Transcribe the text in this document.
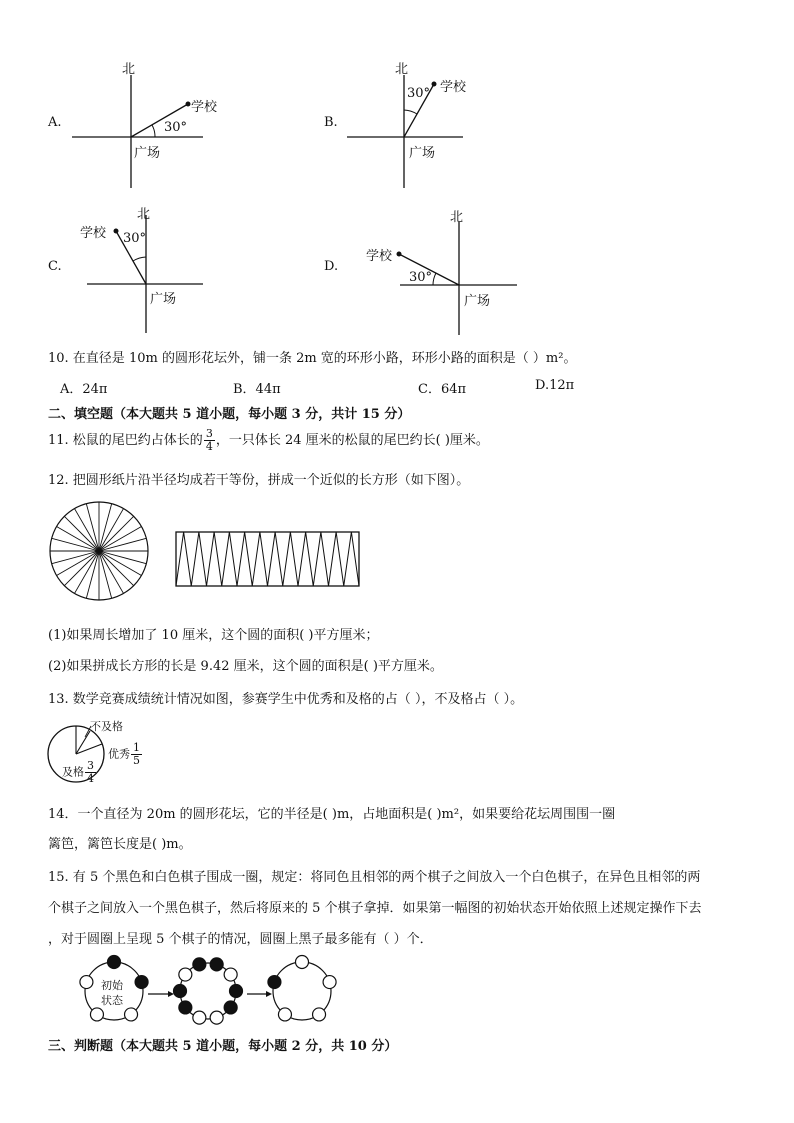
A.
北
学校
30°
广场
B.
北
学校
30°
广场
C.
北
学校 30°
广场
D.
北
学校
30°
广场
10. 在直径是 10m 的圆形花坛外，铺一条 2m 宽的环形小路，环形小路的面积是（ ）m²。
A．24π	B．44π	C．64π	D.12π
二、填空题（本大题共 5 道小题，每小题 3 分，共计 15 分）
11. 松鼠的尾巴约占体长的 $\frac{3}{4}$ ，一只体长 24 厘米的松鼠的尾巴约长( )厘米。
12. 把圆形纸片沿半径均成若干等份，拼成一个近似的长方形（如下图）。
(1)如果周长增加了 10 厘米，这个圆的面积( )平方厘米；
(2)如果拼成长方形的长是 9.42 厘米，这个圆的面积是( )平方厘米。
13. 数学竞赛成绩统计情况如图，参赛学生中优秀和及格的占（ ），不及格占（ ）。
不及格
优秀 $\frac{1}{5}$
及格 $\frac{3}{4}$
14．一个直径为 20m 的圆形花坛，它的半径是( )m，占地面积是( )m²，如果要给花坛周围围一圈
篱笆，篱笆长度是( )m。
15. 有 5 个黑色和白色棋子围成一圈，规定：将同色且相邻的两个棋子之间放入一个白色棋子，在异色且相邻的两
个棋子之间放入一个黑色棋子，然后将原来的 5 个棋子拿掉．如果第一幅图的初始状态开始依照上述规定操作下去
，对于圆圈上呈现 5 个棋子的情况，圆圈上黑子最多能有（ ）个．
初始
状态
三、判断题（本大题共 5 道小题，每小题 2 分，共 10 分）
